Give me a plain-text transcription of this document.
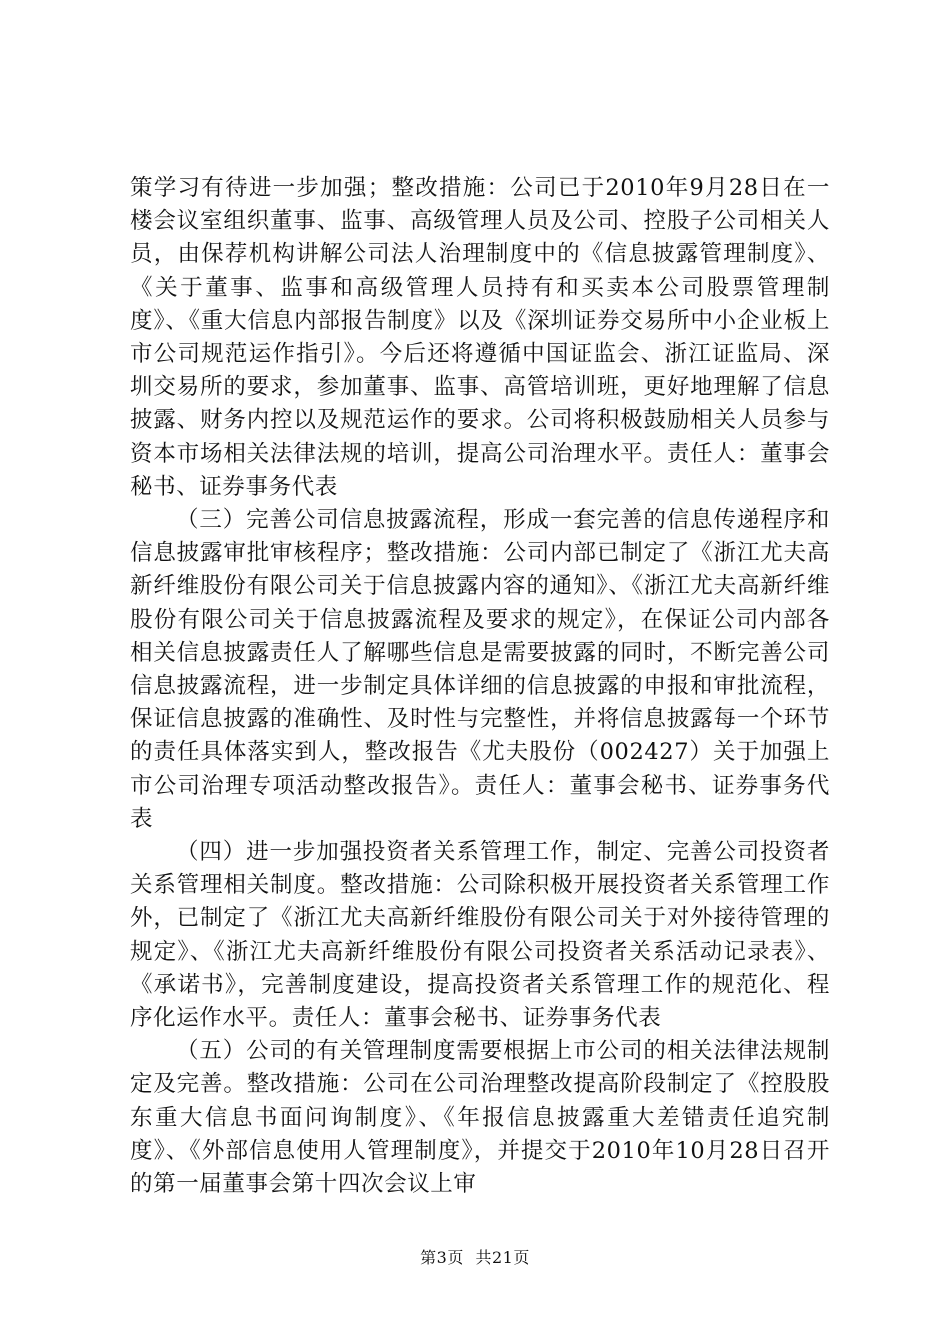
策学习有待进一步加强；整改措施：公司已于2010年9月28日在一楼会议室组织董事、监事、高级管理人员及公司、控股子公司相关人员，由保荐机构讲解公司法人治理制度中的《信息披露管理制度》、《关于董事、监事和高级管理人员持有和买卖本公司股票管理制度》、《重大信息内部报告制度》以及《深圳证券交易所中小企业板上市公司规范运作指引》。今后还将遵循中国证监会、浙江证监局、深圳交易所的要求，参加董事、监事、高管培训班，更好地理解了信息披露、财务内控以及规范运作的要求。公司将积极鼓励相关人员参与资本市场相关法律法规的培训，提高公司治理水平。责任人：董事会秘书、证券事务代表

（三）完善公司信息披露流程，形成一套完善的信息传递程序和信息披露审批审核程序；整改措施：公司内部已制定了《浙江尤夫高新纤维股份有限公司关于信息披露内容的通知》、《浙江尤夫高新纤维股份有限公司关于信息披露流程及要求的规定》，在保证公司内部各相关信息披露责任人了解哪些信息是需要披露的同时，不断完善公司信息披露流程，进一步制定具体详细的信息披露的申报和审批流程，保证信息披露的准确性、及时性与完整性，并将信息披露每一个环节的责任具体落实到人，整改报告《尤夫股份（002427）关于加强上市公司治理专项活动整改报告》。责任人：董事会秘书、证券事务代表

（四）进一步加强投资者关系管理工作，制定、完善公司投资者关系管理相关制度。整改措施：公司除积极开展投资者关系管理工作外，已制定了《浙江尤夫高新纤维股份有限公司关于对外接待管理的规定》、《浙江尤夫高新纤维股份有限公司投资者关系活动记录表》、《承诺书》，完善制度建设，提高投资者关系管理工作的规范化、程序化运作水平。责任人：董事会秘书、证券事务代表

（五）公司的有关管理制度需要根据上市公司的相关法律法规制定及完善。整改措施：公司在公司治理整改提高阶段制定了《控股股东重大信息书面问询制度》、《年报信息披露重大差错责任追究制度》、《外部信息使用人管理制度》，并提交于2010年10月28日召开的第一届董事会第十四次会议上审

第3页 共21页
